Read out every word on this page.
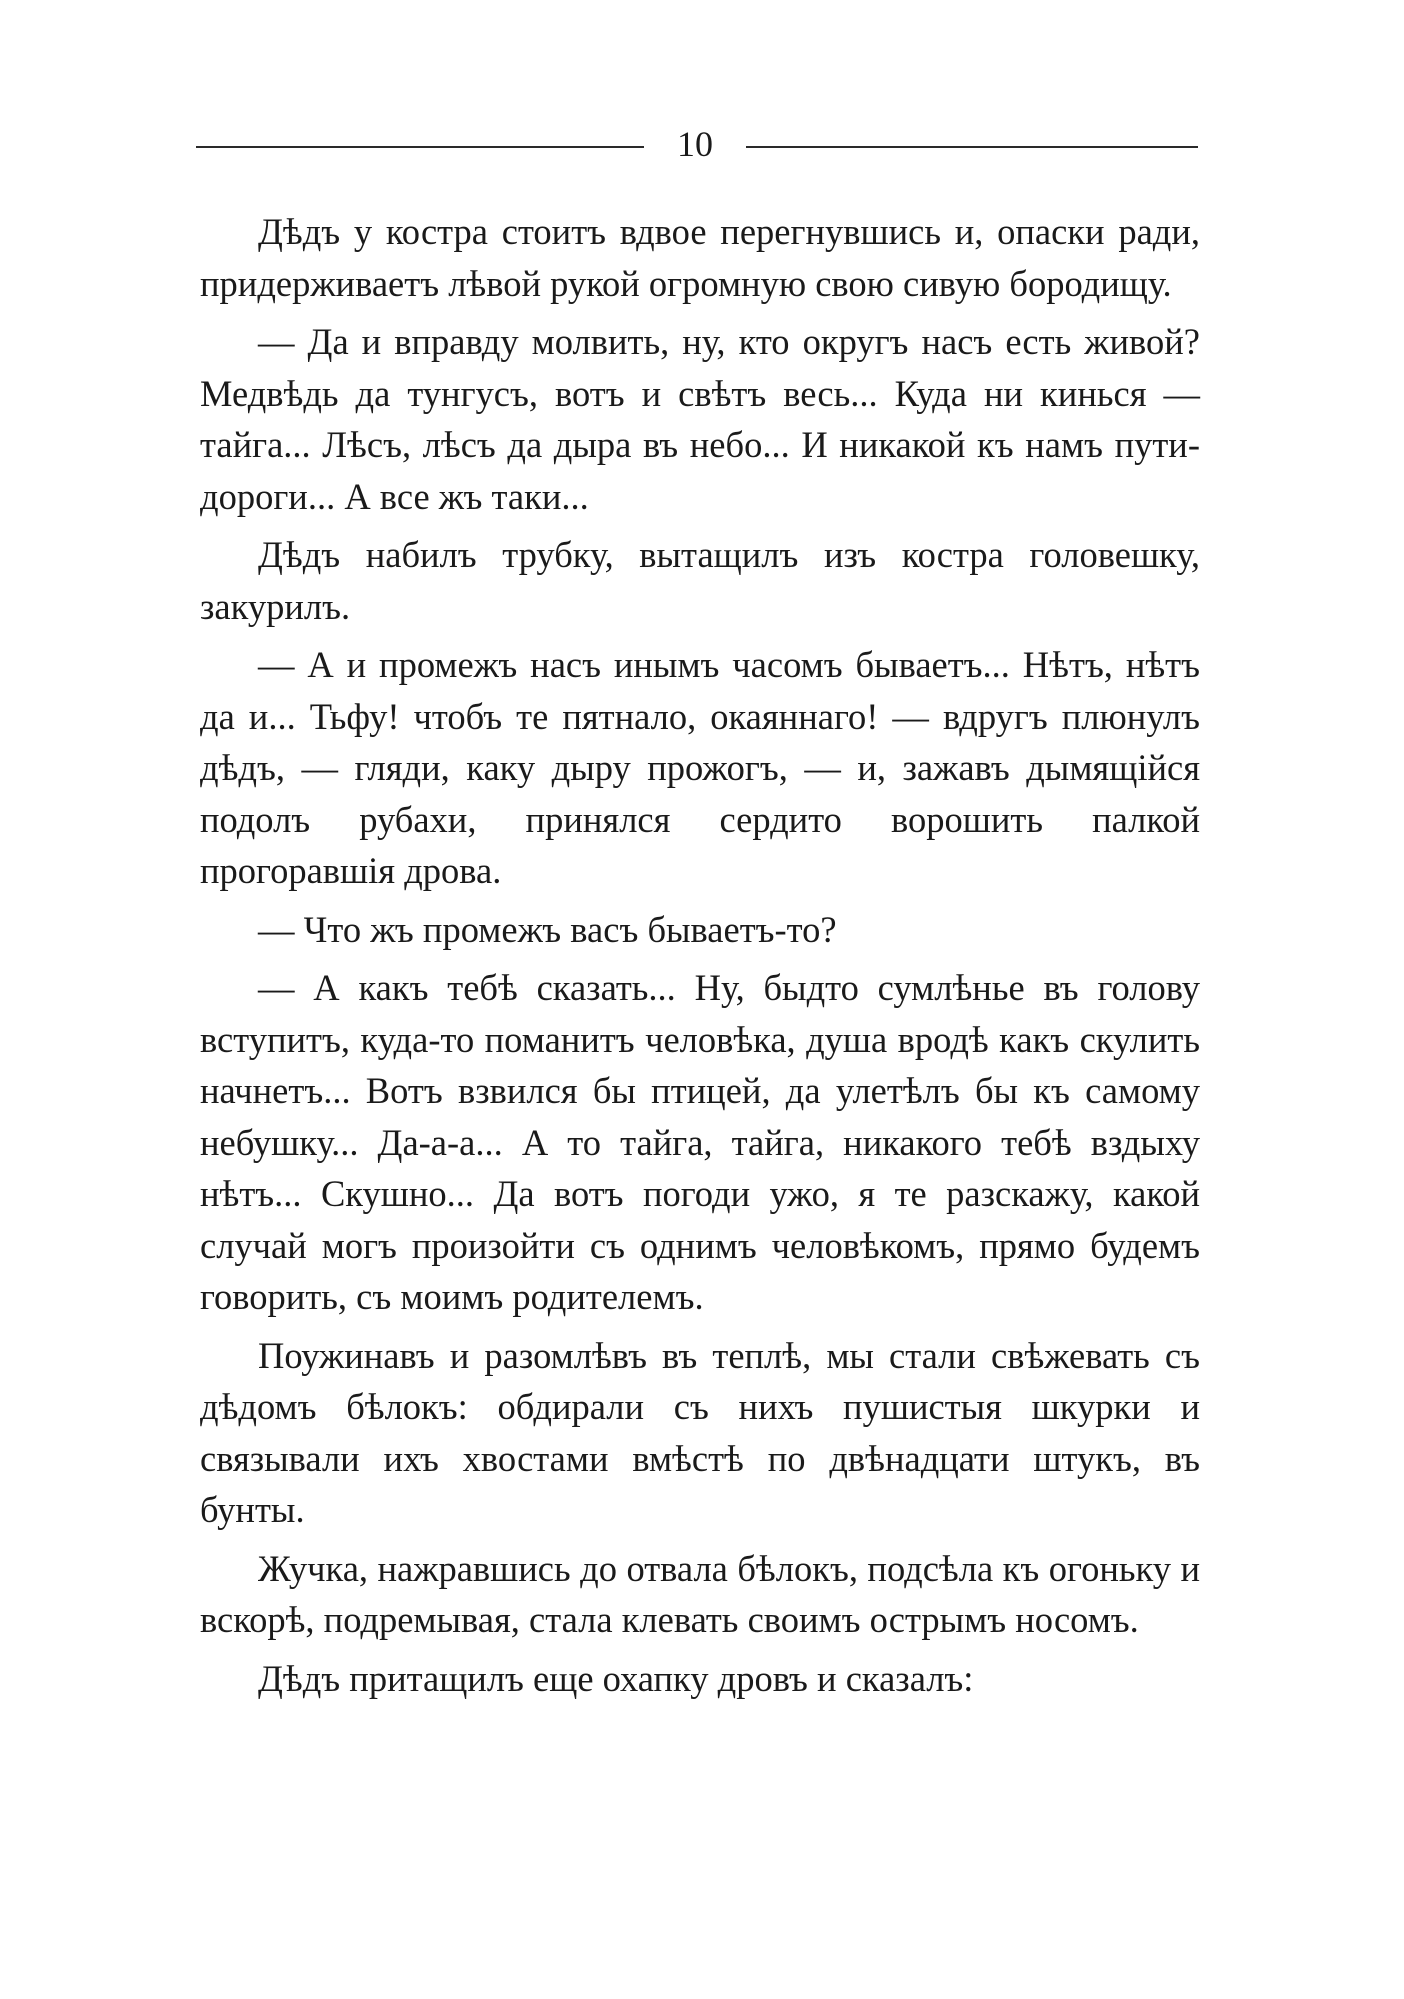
10

Дѣдъ у костра стоитъ вдвое перегнувшись и, опаски ради, придерживаетъ лѣвой рукой огромную свою сивую бородищу.

— Да и вправду молвить, ну, кто округъ насъ есть живой? Медвѣдь да тунгусъ, вотъ и свѣтъ весь... Куда ни кинься — тайга... Лѣсъ, лѣсъ да дыра въ небо... И никакой къ намъ пути-дороги... А все жъ таки...

Дѣдъ набилъ трубку, вытащилъ изъ костра головешку, закурилъ.

— А и промежъ насъ инымъ часомъ бываетъ... Нѣтъ, нѣтъ да и... Тьфу! чтобъ те пятнало, окаяннаго! — вдругъ плюнулъ дѣдъ, — гляди, каку дыру прожогъ, — и, зажавъ дымящійся подолъ рубахи, принялся сердито ворошить палкой прогоравшія дрова.

— Что жъ промежъ васъ бываетъ-то?

— А какъ тебѣ сказать... Ну, быдто сумлѣнье въ голову вступитъ, куда-то поманитъ человѣка, душа вродѣ какъ скулить начнетъ... Вотъ взвился бы птицей, да улетѣлъ бы къ самому небушку... Да-а-а... А то тайга, тайга, никакого тебѣ вздыху нѣтъ... Скушно... Да вотъ погоди ужо, я те разскажу, какой случай могъ произойти съ однимъ человѣкомъ, прямо будемъ говорить, съ моимъ родителемъ.

Поужинавъ и разомлѣвъ въ теплѣ, мы стали свѣжевать съ дѣдомъ бѣлокъ: обдирали съ нихъ пушистыя шкурки и связывали ихъ хвостами вмѣстѣ по двѣнадцати штукъ, въ бунты.

Жучка, нажравшись до отвала бѣлокъ, подсѣла къ огоньку и вскорѣ, подремывая, стала клевать своимъ острымъ носомъ.

Дѣдъ притащилъ еще охапку дровъ и сказалъ:
